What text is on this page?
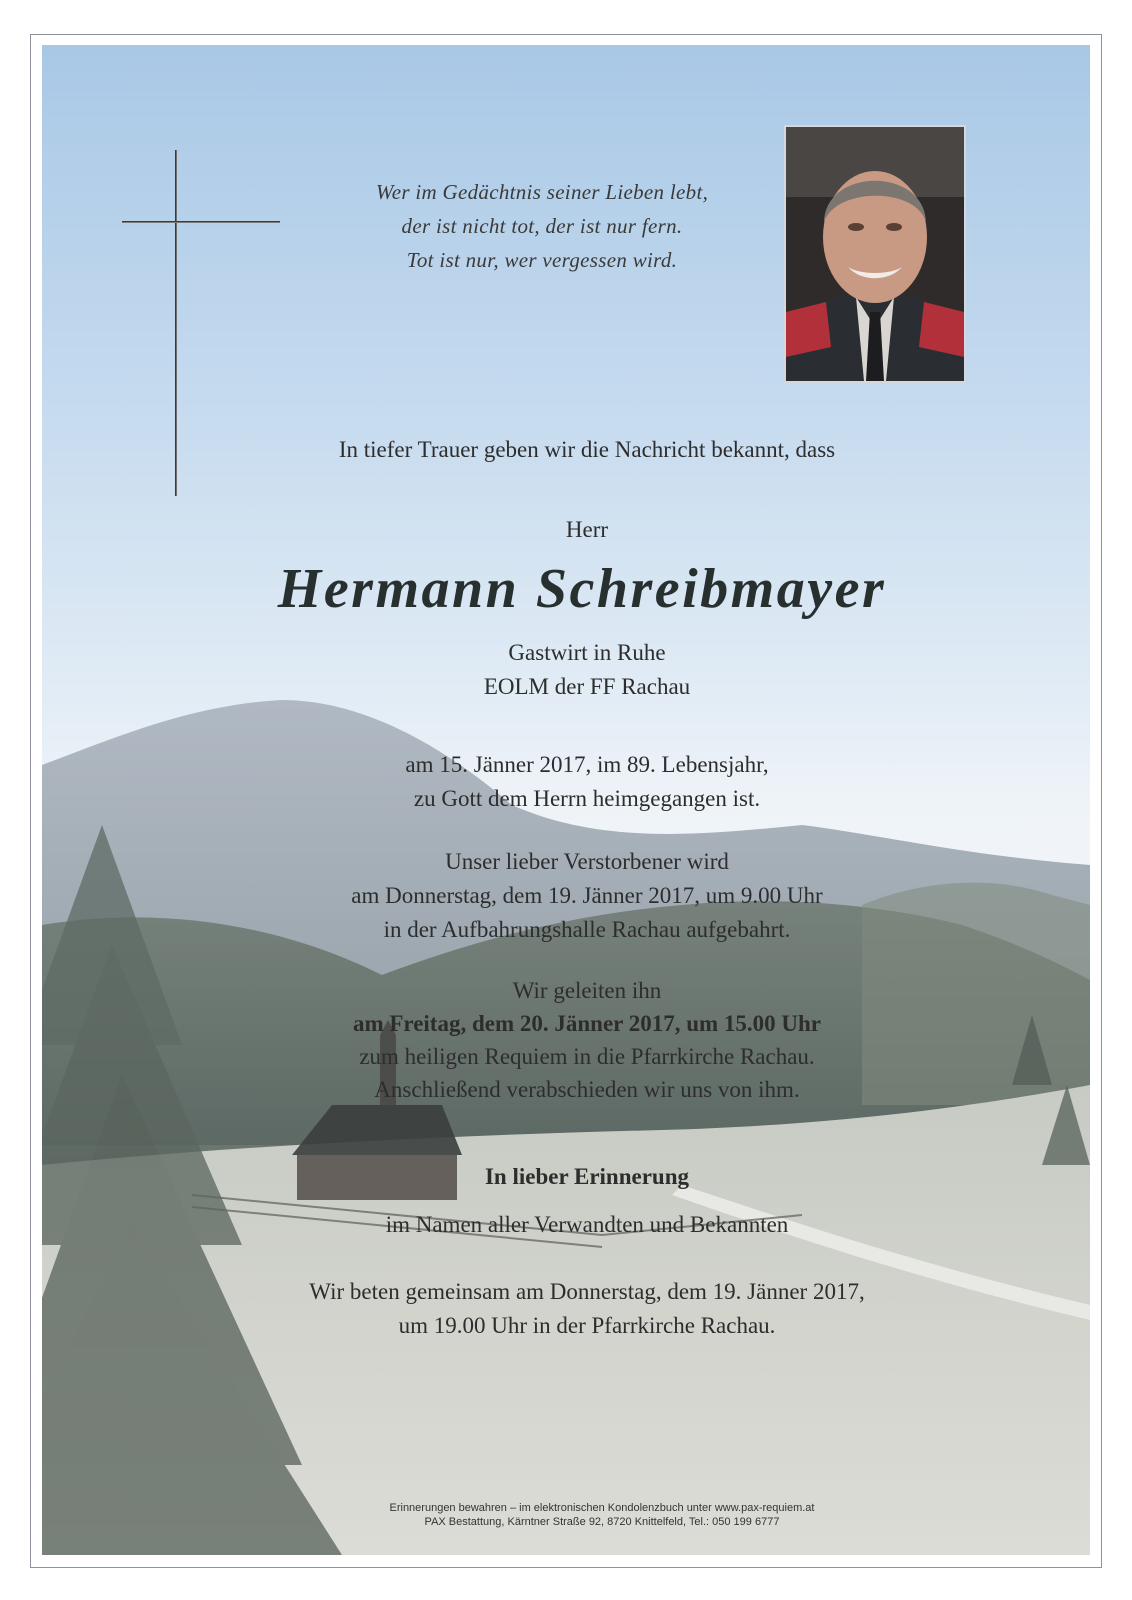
Wer im Gedächtnis seiner Lieben lebt,
der ist nicht tot, der ist nur fern.
Tot ist nur, wer vergessen wird.
In tiefer Trauer geben wir die Nachricht bekannt, dass
Herr
Hermann Schreibmayer
Gastwirt in Ruhe
EOLM der FF Rachau
am 15. Jänner 2017, im 89. Lebensjahr,
zu Gott dem Herrn heimgegangen ist.
Unser lieber Verstorbener wird
am Donnerstag, dem 19. Jänner 2017, um 9.00 Uhr
in der Aufbahrungshalle Rachau aufgebahrt.
Wir geleiten ihn
am Freitag, dem 20. Jänner 2017, um 15.00 Uhr
zum heiligen Requiem in die Pfarrkirche Rachau.
Anschließend verabschieden wir uns von ihm.
In lieber Erinnerung
im Namen aller Verwandten und Bekannten
Wir beten gemeinsam am Donnerstag, dem 19. Jänner 2017,
um 19.00 Uhr in der Pfarrkirche Rachau.
Erinnerungen bewahren – im elektronischen Kondolenzbuch unter www.pax-requiem.at
PAX Bestattung, Kärntner Straße 92, 8720 Knittelfeld, Tel.: 050 199 6777
